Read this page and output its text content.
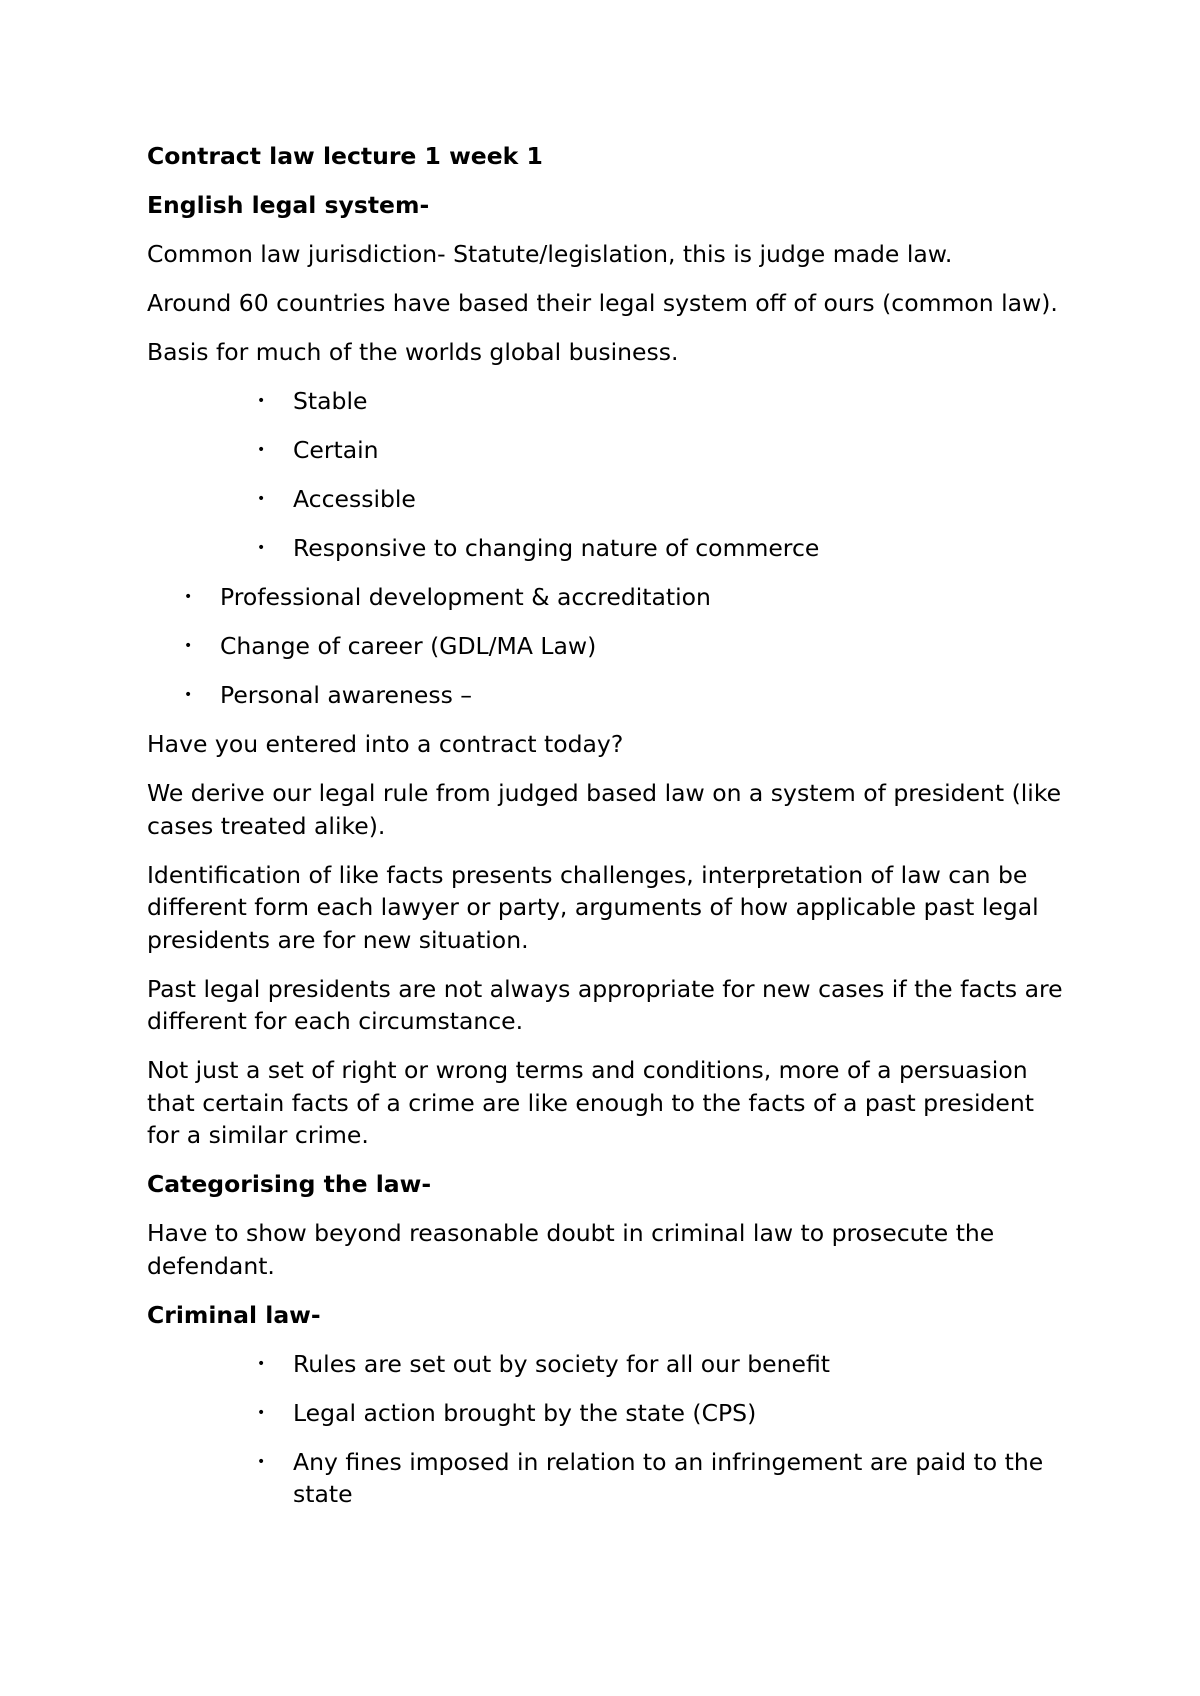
Contract law lecture 1 week 1

English legal system-

Common law jurisdiction- Statute/legislation, this is judge made law.

Around 60 countries have based their legal system off of ours (common law).

Basis for much of the worlds global business.

• Stable
• Certain
• Accessible
• Responsive to changing nature of commerce
• Professional development & accreditation
• Change of career (GDL/MA Law)
• Personal awareness –

Have you entered into a contract today?

We derive our legal rule from judged based law on a system of president (like cases treated alike).

Identification of like facts presents challenges, interpretation of law can be different form each lawyer or party, arguments of how applicable past legal presidents are for new situation.

Past legal presidents are not always appropriate for new cases if the facts are different for each circumstance.

Not just a set of right or wrong terms and conditions, more of a persuasion that certain facts of a crime are like enough to the facts of a past president for a similar crime.

Categorising the law-

Have to show beyond reasonable doubt in criminal law to prosecute the defendant.

Criminal law-

• Rules are set out by society for all our benefit
• Legal action brought by the state (CPS)
• Any fines imposed in relation to an infringement are paid to the state
